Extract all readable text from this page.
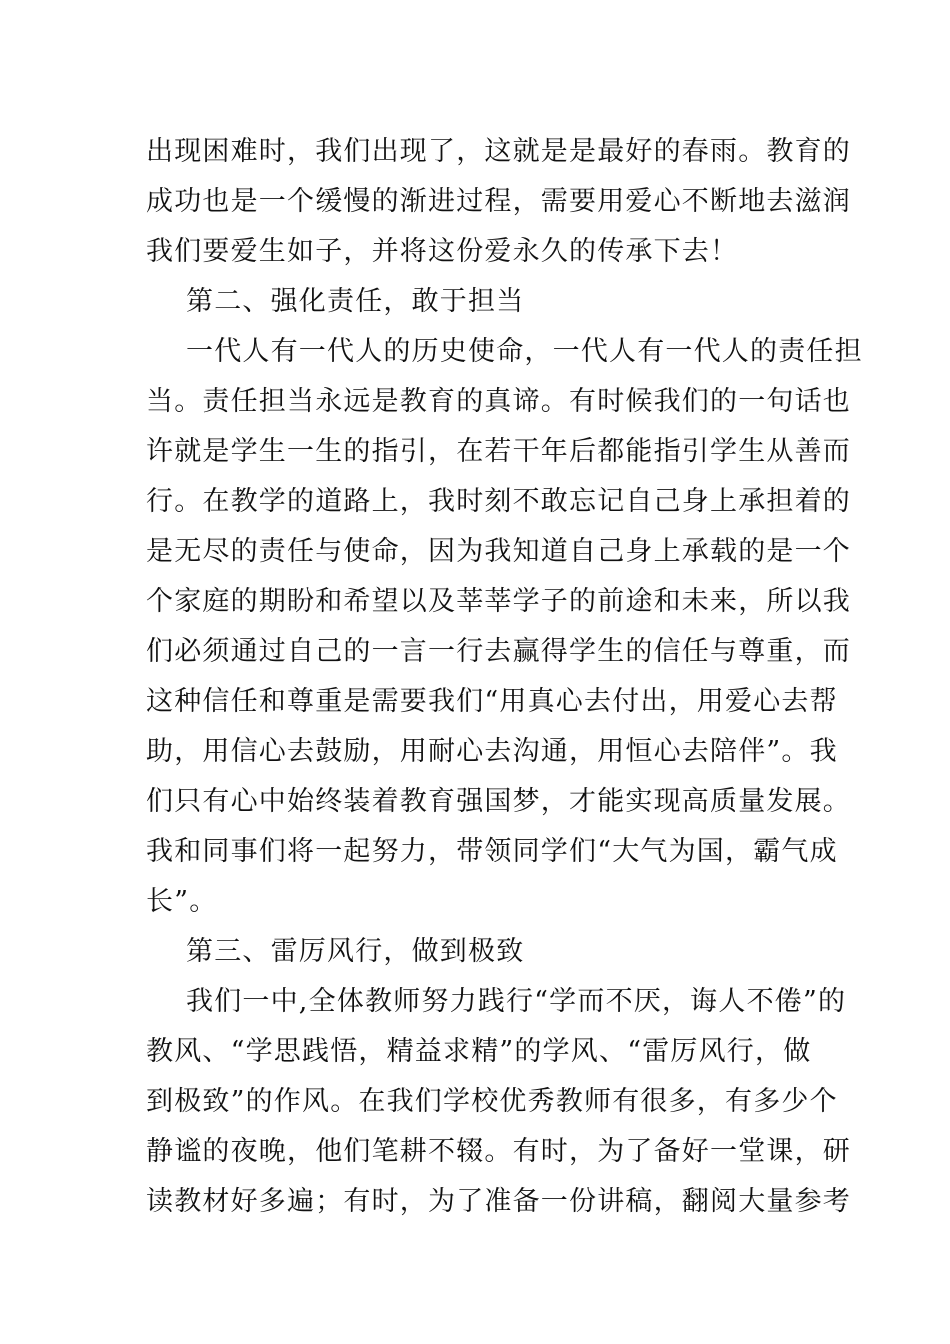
出现困难时，我们出现了，这就是是最好的春雨。教育的
成功也是一个缓慢的渐进过程，需要用爱心不断地去滋润
我们要爱生如子，并将这份爱永久的传承下去！
第二、强化责任，敢于担当
一代人有一代人的历史使命，一代人有一代人的责任担
当。责任担当永远是教育的真谛。有时候我们的一句话也
许就是学生一生的指引，在若干年后都能指引学生从善而
行。在教学的道路上，我时刻不敢忘记自己身上承担着的
是无尽的责任与使命，因为我知道自己身上承载的是一个
个家庭的期盼和希望以及莘莘学子的前途和未来，所以我
们必须通过自己的一言一行去赢得学生的信任与尊重，而
这种信任和尊重是需要我们“用真心去付出，用爱心去帮
助，用信心去鼓励，用耐心去沟通，用恒心去陪伴”。我
们只有心中始终装着教育强国梦，才能实现高质量发展。
我和同事们将一起努力，带领同学们“大气为国，霸气成
长”。
第三、雷厉风行，做到极致
我们一中,全体教师努力践行“学而不厌，诲人不倦”的
教风、“学思践悟，精益求精”的学风、“雷厉风行，做
到极致”的作风。在我们学校优秀教师有很多，有多少个
静谧的夜晚，他们笔耕不辍。有时，为了备好一堂课，研
读教材好多遍；有时，为了准备一份讲稿，翻阅大量参考
